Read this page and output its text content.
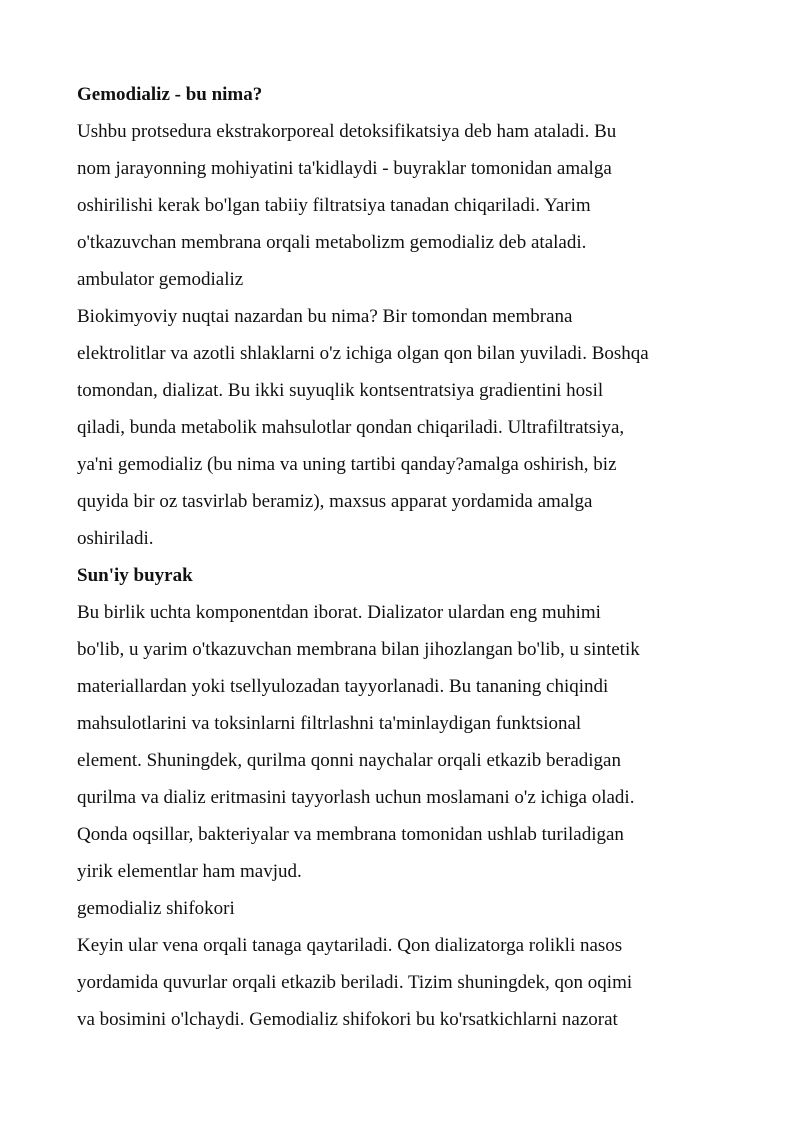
Gemodializ - bu nima?
Ushbu protsedura ekstrakorporeal detoksifikatsiya deb ham ataladi. Bu
nom jarayonning mohiyatini ta'kidlaydi - buyraklar tomonidan amalga
oshirilishi kerak bo'lgan tabiiy filtratsiya tanadan chiqariladi. Yarim
o'tkazuvchan membrana orqali metabolizm gemodializ deb ataladi.
ambulator gemodializ
Biokimyoviy nuqtai nazardan bu nima? Bir tomondan membrana
elektrolitlar va azotli shlaklarni o'z ichiga olgan qon bilan yuviladi. Boshqa
tomondan, dializat. Bu ikki suyuqlik kontsentratsiya gradientini hosil
qiladi, bunda metabolik mahsulotlar qondan chiqariladi. Ultrafiltratsiya,
ya'ni gemodializ (bu nima va uning tartibi qanday?amalga oshirish, biz
quyida bir oz tasvirlab beramiz), maxsus apparat yordamida amalga
oshiriladi.
Sun'iy buyrak
Bu birlik uchta komponentdan iborat. Dializator ulardan eng muhimi
bo'lib, u yarim o'tkazuvchan membrana bilan jihozlangan bo'lib, u sintetik
materiallardan yoki tsellyulozadan tayyorlanadi. Bu tananing chiqindi
mahsulotlarini va toksinlarni filtrlashni ta'minlaydigan funktsional
element. Shuningdek, qurilma qonni naychalar orqali etkazib beradigan
qurilma va dializ eritmasini tayyorlash uchun moslamani o'z ichiga oladi.
Qonda oqsillar, bakteriyalar va membrana tomonidan ushlab turiladigan
yirik elementlar ham mavjud.
gemodializ shifokori
Keyin ular vena orqali tanaga qaytariladi. Qon dializatorga rolikli nasos
yordamida quvurlar orqali etkazib beriladi. Tizim shuningdek, qon oqimi
va bosimini o'lchaydi. Gemodializ shifokori bu ko'rsatkichlarni nazorat
